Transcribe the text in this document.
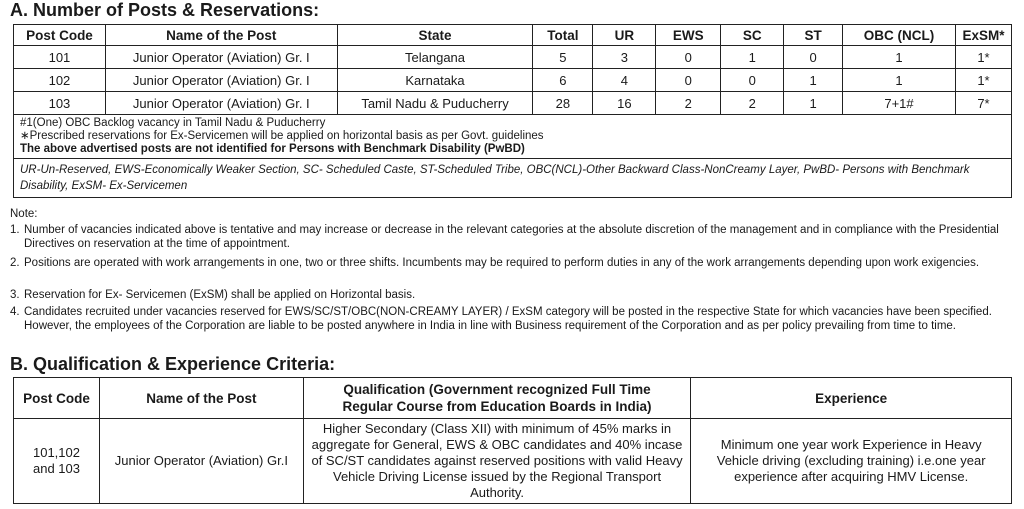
A. Number of Posts & Reservations:
Post Code	Name of the Post	State	Total	UR	EWS	SC	ST	OBC (NCL)	ExSM*
101	Junior Operator (Aviation) Gr. I	Telangana	5	3	0	1	0	1	1*
102	Junior Operator (Aviation) Gr. I	Karnataka	6	4	0	0	1	1	1*
103	Junior Operator (Aviation) Gr. I	Tamil Nadu & Puducherry	28	16	2	2	1	7+1#	7*

#1(One) OBC Backlog vacancy in Tamil Nadu & Puducherry
∗Prescribed reservations for Ex-Servicemen will be applied on horizontal basis as per Govt. guidelines
The above advertised posts are not identified for Persons with Benchmark Disability (PwBD)									

UR-Un-Reserved, EWS-Economically Weaker Section, SC- Scheduled Caste, ST-Scheduled Tribe, OBC(NCL)-Other Backward Class-NonCreamy Layer, PwBD- Persons with Benchmark Disability, ExSM- Ex-Servicemen									
Note:
1. Number of vacancies indicated above is tentative and may increase or decrease in the relevant categories at the absolute discretion of the management and in compliance with the Presidential Directives on reservation at the time of appointment.
2. Positions are operated with work arrangements in one, two or three shifts. Incumbents may be required to perform duties in any of the work arrangements depending upon work exigencies.
3. Reservation for Ex- Servicemen (ExSM) shall be applied on Horizontal basis.
4. Candidates recruited under vacancies reserved for EWS/SC/ST/OBC(NON-CREAMY LAYER) / ExSM category will be posted in the respective State for which vacancies have been specified. However, the employees of the Corporation are liable to be posted anywhere in India in line with Business requirement of the Corporation and as per policy prevailing from time to time.
B. Qualification & Experience Criteria:
Post Code	Name of the Post	Qualification (Government recognized Full Time Regular Course from Education Boards in India)	Experience
101,102 and 103	Junior Operator (Aviation) Gr.I	Higher Secondary (Class XII) with minimum of 45% marks in aggregate for General, EWS & OBC candidates and 40% incase of SC/ST candidates against reserved positions with valid Heavy Vehicle Driving License issued by the Regional Transport Authority.	Minimum one year work Experience in Heavy Vehicle driving (excluding training) i.e.one year experience after acquiring HMV License.
